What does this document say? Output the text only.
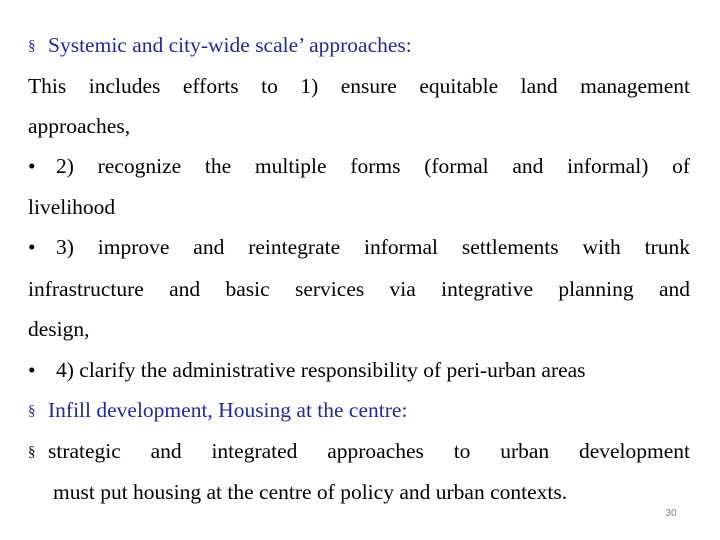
§ Systemic and city-wide scale’ approaches:
This includes efforts to 1) ensure equitable land management
approaches,
• 2) recognize the multiple forms (formal and informal) of
livelihood
• 3) improve and reintegrate informal settlements with trunk
infrastructure and basic services via integrative planning and
design,
• 4) clarify the administrative responsibility of peri-urban areas
§ Infill development, Housing at the centre:
§ strategic and integrated approaches to urban development
must put housing at the centre of policy and urban contexts.
30
